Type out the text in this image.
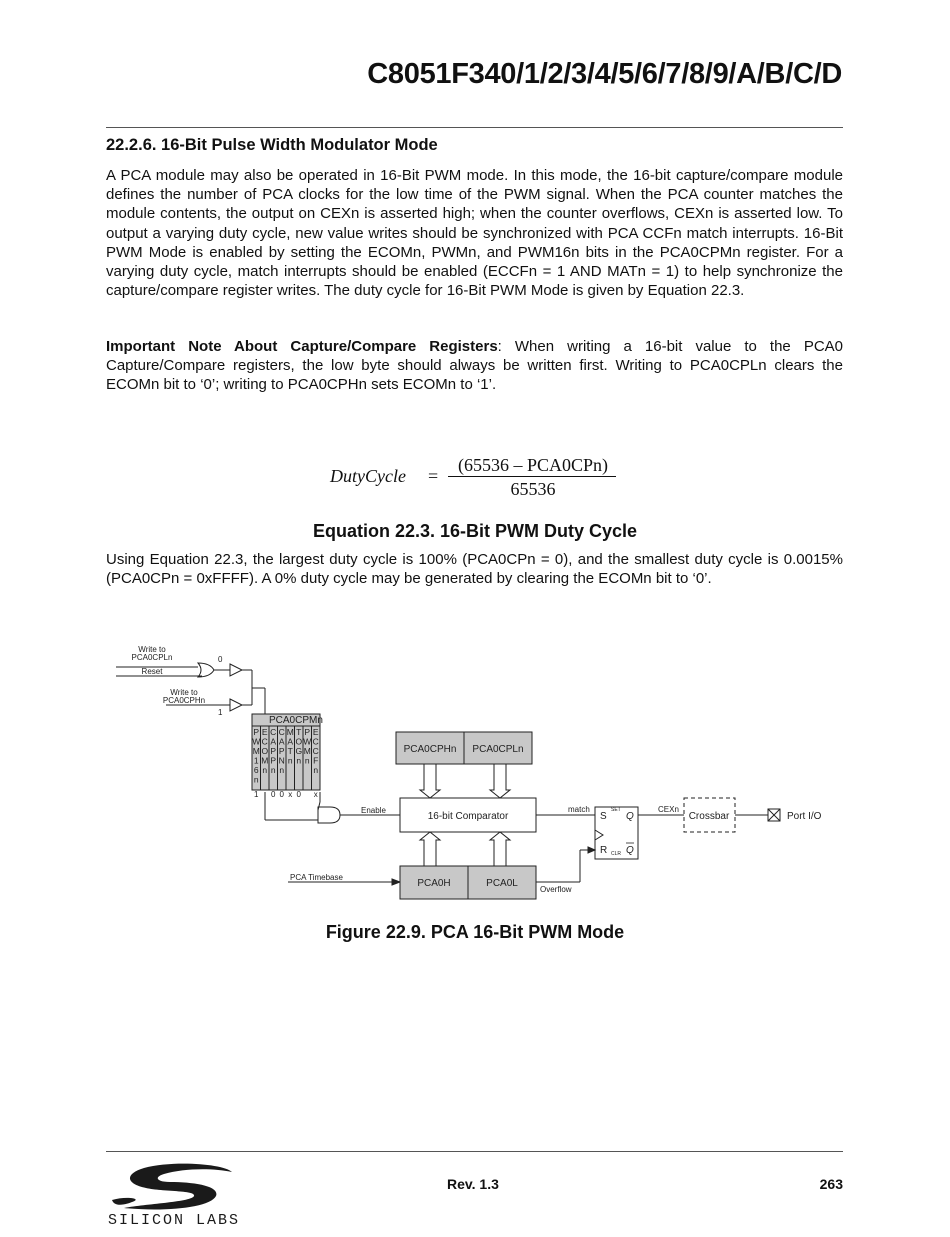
C8051F340/1/2/3/4/5/6/7/8/9/A/B/C/D
22.2.6. 16-Bit Pulse Width Modulator Mode

A PCA module may also be operated in 16-Bit PWM mode. In this mode, the 16-bit capture/compare module defines the number of PCA clocks for the low time of the PWM signal. When the PCA counter matches the module contents, the output on CEXn is asserted high; when the counter overflows, CEXn is asserted low. To output a varying duty cycle, new value writes should be synchronized with PCA CCFn match interrupts. 16-Bit PWM Mode is enabled by setting the ECOMn, PWMn, and PWM16n bits in the PCA0CPMn register. For a varying duty cycle, match interrupts should be enabled (ECCFn = 1 AND MATn = 1) to help synchronize the capture/compare register writes. The duty cycle for 16-Bit PWM Mode is given by Equation 22.3.

Important Note About Capture/Compare Registers: When writing a 16-bit value to the PCA0 Capture/Compare registers, the low byte should always be written first. Writing to PCA0CPLn clears the ECOMn bit to ‘0’; writing to PCA0CPHn sets ECOMn to ‘1’.

DutyCycle =
(65536 – PCA0CPn)
65536
Equation 22.3. 16-Bit PWM Duty Cycle

Using Equation 22.3, the largest duty cycle is 100% (PCA0CPn = 0), and the smallest duty cycle is 0.0015% (PCA0CPn = 0xFFFF). A 0% duty cycle may be generated by clearing the ECOMn bit to ‘0’.

P
W
M
1
6
n
1
E
C
O
M
n
C
A
P
P
n
0
C
A
P
N
n
0
M
A
T
n
x
T
O
G
n
0
P
W
M
n
E
C
C
F
n
x
Write to
PCA0CPLn
Reset
Write to
PCA0CPHn
0
1
Enable	match	CEXn
PCA Timebase
Overflow
SET
CLR
PCA0CPMn
PCA0CPHn PCA0CPLn
16-bit Comparator
PCA0H	PCA0L
Crossbar	Port I/O
S
R
Q
Q
Figure 22.9. PCA 16-Bit PWM Mode
SILICON LABS
Rev. 1.3	263
